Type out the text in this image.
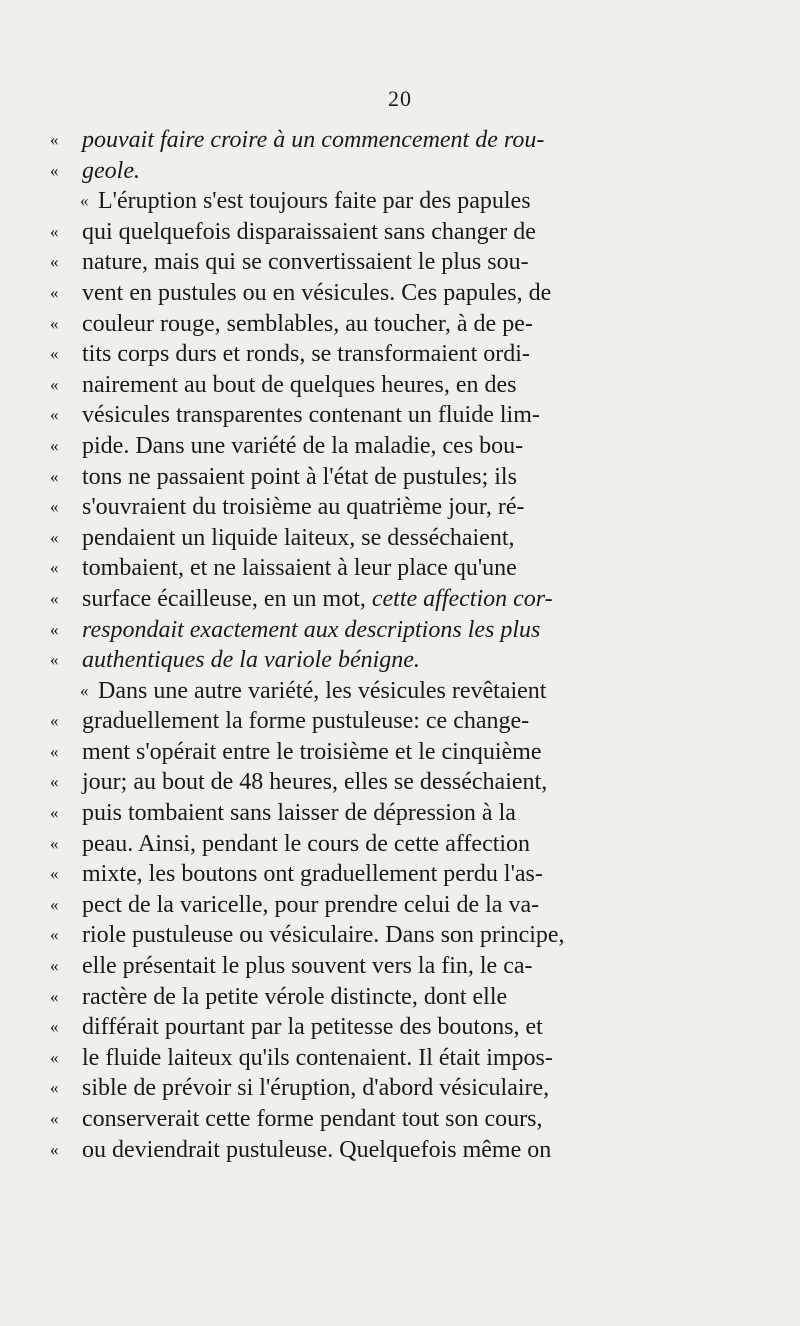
20
« pouvait faire croire à un commencement de rou-
« geole.
« L'éruption s'est toujours faite par des papules
« qui quelquefois disparaissaient sans changer de
« nature, mais qui se convertissaient le plus sou-
« vent en pustules ou en vésicules. Ces papules, de
« couleur rouge, semblables, au toucher, à de pe-
« tits corps durs et ronds, se transformaient ordi-
« nairement au bout de quelques heures, en des
« vésicules transparentes contenant un fluide lim-
« pide. Dans une variété de la maladie, ces bou-
« tons ne passaient point à l'état de pustules; ils
« s'ouvraient du troisième au quatrième jour, ré-
« pendaient un liquide laiteux, se desséchaient,
« tombaient, et ne laissaient à leur place qu'une
« surface écailleuse, en un mot, cette affection cor-
« respondait exactement aux descriptions les plus
« authentiques de la variole bénigne.
« Dans une autre variété, les vésicules revêtaient
« graduellement la forme pustuleuse: ce change-
« ment s'opérait entre le troisième et le cinquième
« jour; au bout de 48 heures, elles se desséchaient,
« puis tombaient sans laisser de dépression à la
« peau. Ainsi, pendant le cours de cette affection
« mixte, les boutons ont graduellement perdu l'as-
« pect de la varicelle, pour prendre celui de la va-
« riole pustuleuse ou vésiculaire. Dans son principe,
« elle présentait le plus souvent vers la fin, le ca-
« ractère de la petite vérole distincte, dont elle
« différait pourtant par la petitesse des boutons, et
« le fluide laiteux qu'ils contenaient. Il était impos-
« sible de prévoir si l'éruption, d'abord vésiculaire,
« conserverait cette forme pendant tout son cours,
« ou deviendrait pustuleuse. Quelquefois même on
